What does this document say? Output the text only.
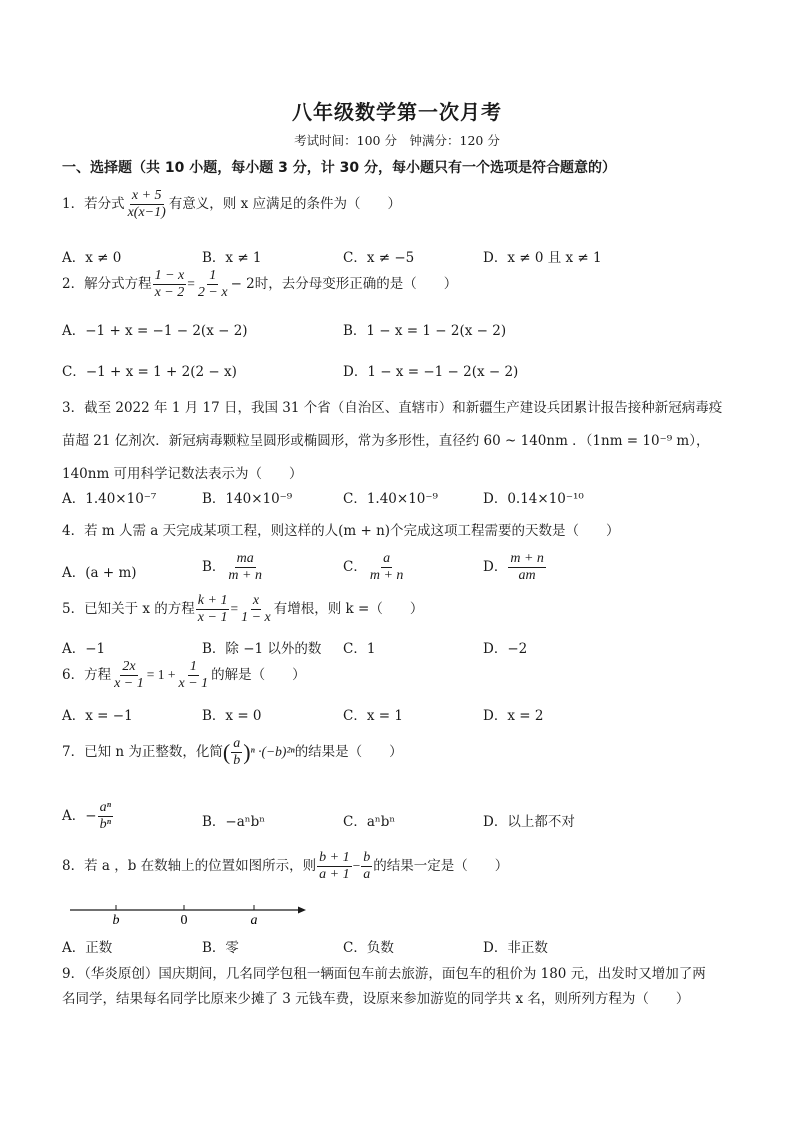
八年级数学第一次月考
考试时间：100 分　钟满分：120 分
一、选择题（共 10 小题，每小题 3 分，计 30 分，每小题只有一个选项是符合题意的）
1．若分式 $\frac{x + 5}{x(x-1)}$ 有意义，则 x 应满足的条件为（　　）
A．x ≠ 0	B．x ≠ 1	C．x ≠ −5	D．x ≠ 0 且 x ≠ 1
2．解分式方程 $\frac{1 - x}{x - 2} = \frac{1}{2 - x} - 2$时，去分母变形正确的是（　　）
A．−1 + x = −1 − 2(x − 2)	B．1 − x = 1 − 2(x − 2)
C．−1 + x = 1 + 2(2 − x)	D．1 − x = −1 − 2(x − 2)
3．截至 2022 年 1 月 17 日，我国 31 个省（自治区、直辖市）和新疆生产建设兵团累计报告接种新冠病毒疫
苗超 21 亿剂次．新冠病毒颗粒呈圆形或椭圆形，常为多形性，直径约 60 ~ 140nm ．（1nm = 10⁻⁹ m），
140nm 可用科学记数法表示为（　　）
A．1.40×10⁻⁷	B．140×10⁻⁹	C．1.40×10⁻⁹	D．0.14×10⁻¹⁰
4．若 m 人需 a 天完成某项工程，则这样的人(m + n)个完成这项工程需要的天数是（　　）
A．(a + m)	B． $\frac{ma}{m + n}$	C． $\frac{a}{m + n}$	D． $\frac{m + n}{am}$
5．已知关于 x 的方程 $\frac{k + 1}{x - 1} = \frac{x}{1 - x}$ 有增根，则 k =（　　）
A．−1	B．除 −1 以外的数 C．1	D．−2
6．方程 $\frac{2x}{x - 1} = 1 + \frac{1}{x - 1}$ 的解是（　　）
A．x = −1	B．x = 0	C．x = 1	D．x = 2
7．已知 n 为正整数，化简( $\frac{a}{b} )^n \cdot(-b)^{2n}$的结果是（　　）
A．− $\frac{\text{aⁿ}}{\text{bⁿ}}$	B．−aⁿbⁿ	C．aⁿbⁿ	D．以上都不对
8．若 a ，b 在数轴上的位置如图所示，则 $\frac{b + 1}{a + 1} - \frac{b}{a}$ 的结果一定是（　　）
b	0	a
A．正数	B．零	C．负数	D．非正数
9．（华炎原创）国庆期间，几名同学包租一辆面包车前去旅游，面包车的租价为 180 元，出发时又增加了两
名同学，结果每名同学比原来少摊了 3 元钱车费，设原来参加游览的同学共 x 名，则所列方程为（　　）
